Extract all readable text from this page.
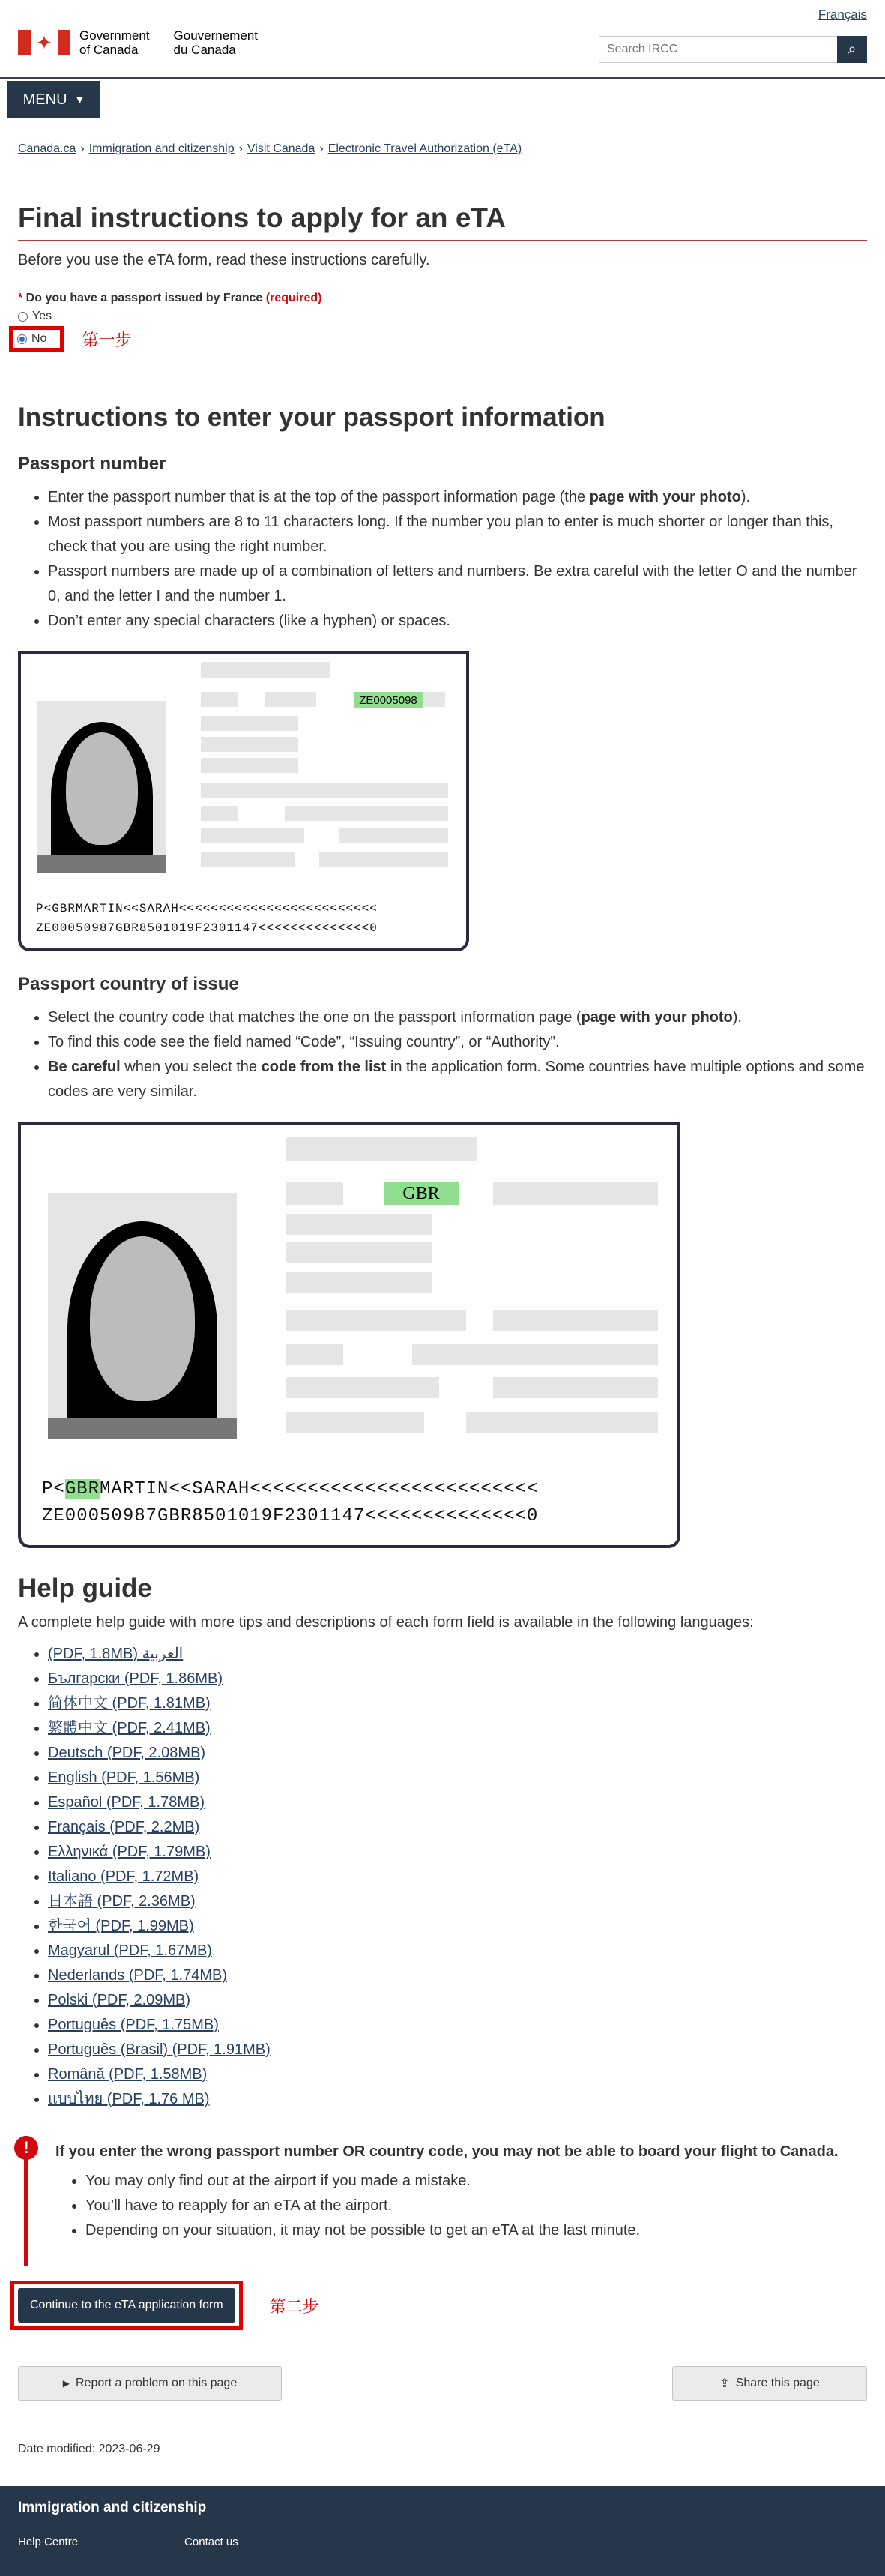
Français
✦	Government
of Canada
Gouvernement
du Canada
Search IRCC	⌕
MENU ▼
Canada.ca › Immigration and citizenship › Visit Canada › Electronic Travel Authorization (eTA)
Final instructions to apply for an eTA

Before you use the eTA form, read these instructions carefully.

* Do you have a passport issued by France (required)
Yes
No 第一步
Instructions to enter your passport information
Passport number
• Enter the passport number that is at the top of the passport information page (the page with your photo).
• Most passport numbers are 8 to 11 characters long. If the number you plan to enter is much shorter or longer than this, check that you are using the right number.
• Passport numbers are made up of a combination of letters and numbers. Be extra careful with the letter O and the number 0, and the letter I and the number 1.
• Don’t enter any special characters (like a hyphen) or spaces.
ZE0005098
P<GBRMARTIN<<SARAH<<<<<<<<<<<<<<<<<<<<<<<<<
ZE00050987GBR8501019F2301147<<<<<<<<<<<<<<0
Passport country of issue
• Select the country code that matches the one on the passport information page (page with your photo).
• To find this code see the field named “Code”, “Issuing country”, or “Authority”.
• Be careful when you select the code from the list in the application form. Some countries have multiple options and some codes are very similar.
GBR
P<GBRMARTIN<<SARAH<<<<<<<<<<<<<<<<<<<<<<<<<
ZE00050987GBR8501019F2301147<<<<<<<<<<<<<<0
Help guide

A complete help guide with more tips and descriptions of each form field is available in the following languages:

• (PDF, 1.8MB) العربية
• Български (PDF, 1.86MB)
• 简体中文 (PDF, 1.81MB)
• 繁體中文 (PDF, 2.41MB)
• Deutsch (PDF, 2.08MB)
• English (PDF, 1.56MB)
• Español (PDF, 1.78MB)
• Français (PDF, 2.2MB)
• Ελληνικά (PDF, 1.79MB)
• Italiano (PDF, 1.72MB)
• 日本語 (PDF, 2.36MB)
• 한국어 (PDF, 1.99MB)
• Magyarul (PDF, 1.67MB)
• Nederlands (PDF, 1.74MB)
• Polski (PDF, 2.09MB)
• Português (PDF, 1.75MB)
• Português (Brasil) (PDF, 1.91MB)
• Română (PDF, 1.58MB)
• แบบไทย (PDF, 1.76 MB)
!	If you enter the wrong passport number OR country code, you may not be able to board your flight to Canada.
• You may only find out at the airport if you made a mistake.
• You’ll have to reapply for an eTA at the airport.
• Depending on your situation, it may not be possible to get an eTA at the last minute.
Continue to the eTA application form	第二步
▶ Report a problem on this page	⇪ Share this page

Date modified: 2023-06-29

Immigration and citizenship
Help Centre	Contact us
